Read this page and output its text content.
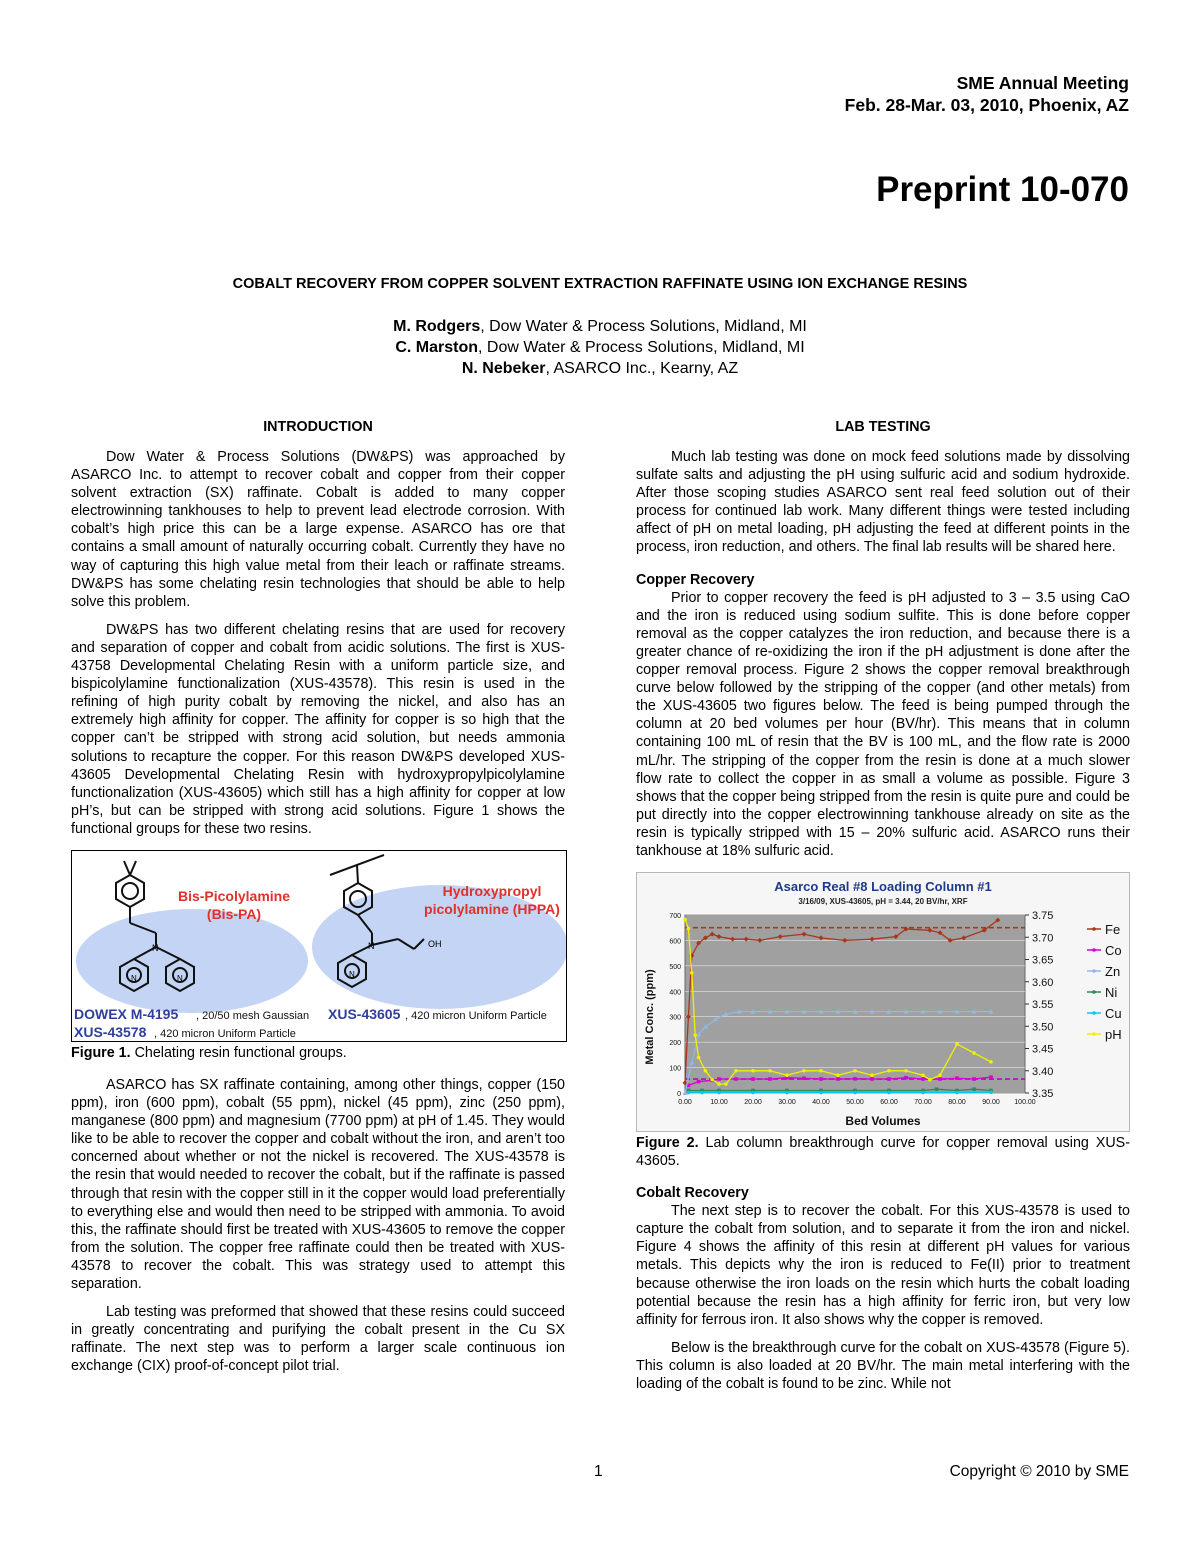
SME Annual Meeting
Feb. 28-Mar. 03, 2010, Phoenix, AZ
Preprint 10-070
COBALT RECOVERY FROM COPPER SOLVENT EXTRACTION RAFFINATE USING ION EXCHANGE RESINS
M. Rodgers, Dow Water & Process Solutions, Midland, MI
C. Marston, Dow Water & Process Solutions, Midland, MI
N. Nebeker, ASARCO Inc., Kearny, AZ
INTRODUCTION

Dow Water & Process Solutions (DW&PS) was approached by ASARCO Inc. to attempt to recover cobalt and copper from their copper solvent extraction (SX) raffinate. Cobalt is added to many copper electrowinning tankhouses to help to prevent lead electrode corrosion. With cobalt’s high price this can be a large expense. ASARCO has ore that contains a small amount of naturally occurring cobalt. Currently they have no way of capturing this high value metal from their leach or raffinate streams. DW&PS has some chelating resin technologies that should be able to help solve this problem.

DW&PS has two different chelating resins that are used for recovery and separation of copper and cobalt from acidic solutions. The first is XUS-43758 Developmental Chelating Resin with a uniform particle size, and bispicolylamine functionalization (XUS-43578). This resin is used in the refining of high purity cobalt by removing the nickel, and also has an extremely high affinity for copper. The affinity for copper is so high that the copper can’t be stripped with strong acid solution, but needs ammonia solutions to recapture the copper. For this reason DW&PS developed XUS-43605 Developmental Chelating Resin with hydroxypropylpicolylamine functionalization (XUS-43605) which still has a high affinity for copper at low pH’s, but can be stripped with strong acid solutions. Figure 1 shows the functional groups for these two resins.

N
N	N
N
N
OH
Bis-Picolylamine
(Bis-PA)
Hydroxypropyl
picolylamine (HPPA)
DOWEX M-4195 , 20/50 mesh Gaussian
XUS-43578 , 420 micron Uniform Particle
XUS-43605 , 420 micron Uniform Particle
Figure 1. Chelating resin functional groups.

ASARCO has SX raffinate containing, among other things, copper (150 ppm), iron (600 ppm), cobalt (55 ppm), nickel (45 ppm), zinc (250 ppm), manganese (800 ppm) and magnesium (7700 ppm) at pH of 1.45. They would like to be able to recover the copper and cobalt without the iron, and aren’t too concerned about whether or not the nickel is recovered. The XUS-43578 is the resin that would needed to recover the cobalt, but if the raffinate is passed through that resin with the copper still in it the copper would load preferentially to everything else and would then need to be stripped with ammonia. To avoid this, the raffinate should first be treated with XUS-43605 to remove the copper from the solution. The copper free raffinate could then be treated with XUS-43578 to recover the cobalt. This was strategy used to attempt this separation.

Lab testing was preformed that showed that these resins could succeed in greatly concentrating and purifying the cobalt present in the Cu SX raffinate. The next step was to perform a larger scale continuous ion exchange (CIX) proof-of-concept pilot trial.

LAB TESTING

Much lab testing was done on mock feed solutions made by dissolving sulfate salts and adjusting the pH using sulfuric acid and sodium hydroxide. After those scoping studies ASARCO sent real feed solution out of their process for continued lab work. Many different things were tested including affect of pH on metal loading, pH adjusting the feed at different points in the process, iron reduction, and others. The final lab results will be shared here.

Copper Recovery

Prior to copper recovery the feed is pH adjusted to 3 – 3.5 using CaO and the iron is reduced using sodium sulfite. This is done before copper removal as the copper catalyzes the iron reduction, and because there is a greater chance of re-oxidizing the iron if the pH adjustment is done after the copper removal process. Figure 2 shows the copper removal breakthrough curve below followed by the stripping of the copper (and other metals) from the XUS-43605 two figures below. The feed is being pumped through the column at 20 bed volumes per hour (BV/hr). This means that in column containing 100 mL of resin that the BV is 100 mL, and the flow rate is 2000 mL/hr. The stripping of the copper from the resin is done at a much slower flow rate to collect the copper in as small a volume as possible. Figure 3 shows that the copper being stripped from the resin is quite pure and could be put directly into the copper electrowinning tankhouse already on site as the resin is typically stripped with 15 – 20% sulfuric acid. ASARCO runs their tankhouse at 18% sulfuric acid.

Asarco Real #8 Loading Column #1
3/16/09, XUS-43605, pH = 3.44, 20 BV/hr, XRF
Bed Volumes
Metal Conc. (ppm)
0
100
200
300
400
500
600
700
3.35
3.40
3.45
3.50
3.55
3.60
3.65
3.70
3.75
0.00	10.00 20.00 30.00 40.00 50.00 60.00 70.00 80.00 90.00 100.00
Fe
Co
Zn
Ni
Cu
pH
Figure 2. Lab column breakthrough curve for copper removal using XUS-43605.
Cobalt Recovery

The next step is to recover the cobalt. For this XUS-43578 is used to capture the cobalt from solution, and to separate it from the iron and nickel. Figure 4 shows the affinity of this resin at different pH values for various metals. This depicts why the iron is reduced to Fe(II) prior to treatment because otherwise the iron loads on the resin which hurts the cobalt loading potential because the resin has a high affinity for ferric iron, but very low affinity for ferrous iron. It also shows why the copper is removed.

Below is the breakthrough curve for the cobalt on XUS-43578 (Figure 5). This column is also loaded at 20 BV/hr. The main metal interfering with the loading of the cobalt is found to be zinc. While not

1	Copyright © 2010 by SME
